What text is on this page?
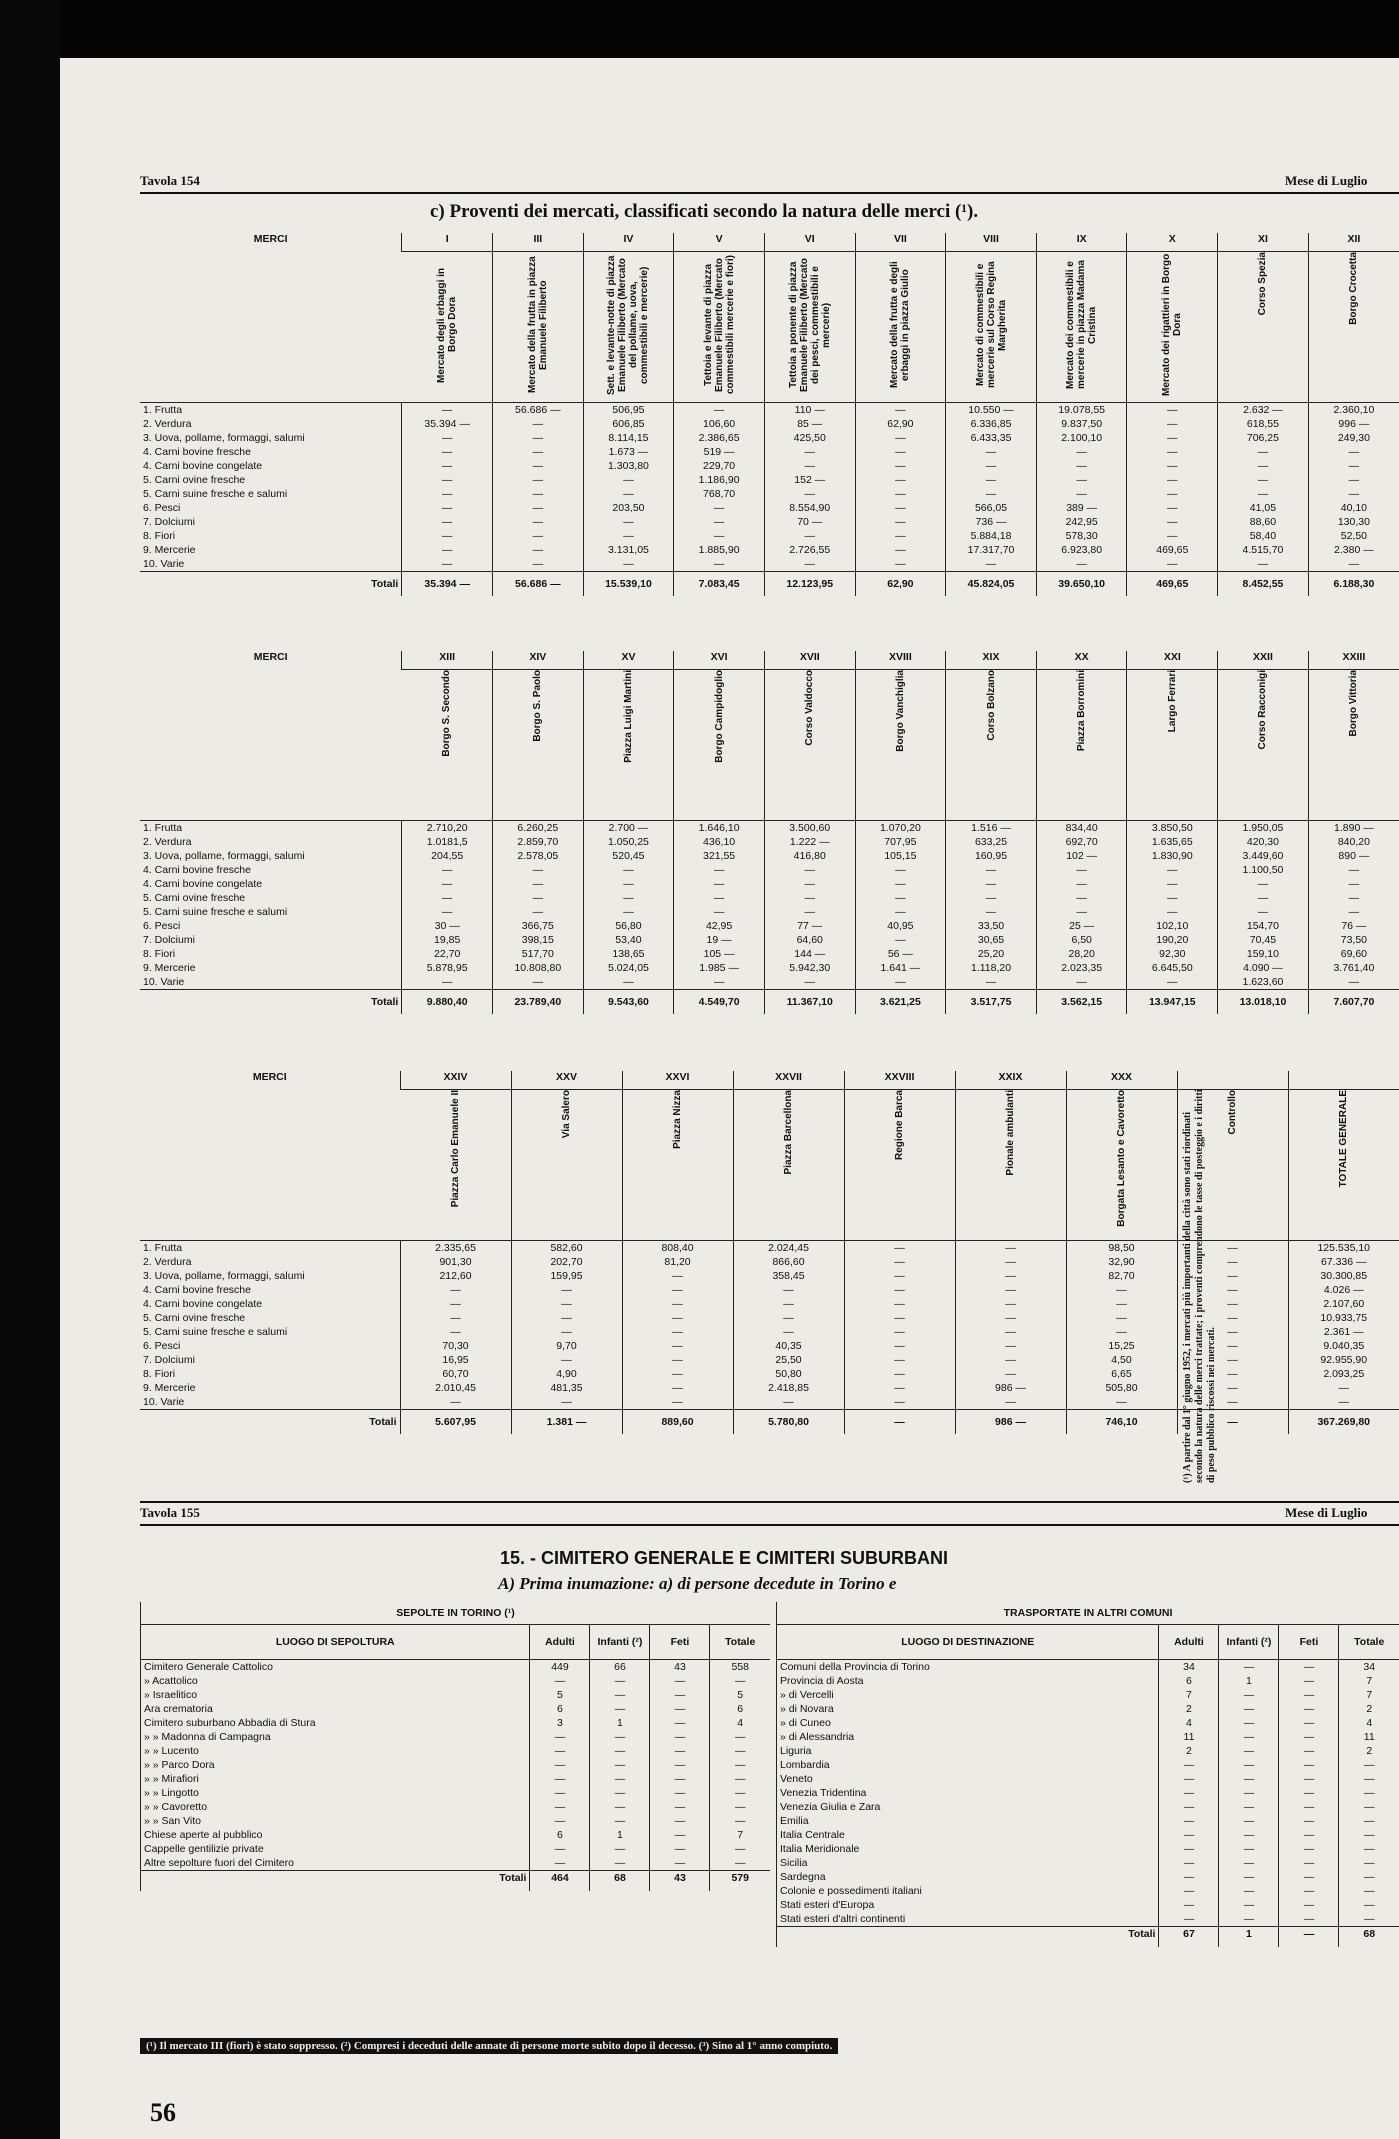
Tavola 154	Mese di Luglio
c) Proventi dei mercati, classificati secondo la natura delle merci (¹).
MERCI	I	III	IV	V	VI	VII	VIII	IX	X	XI	XII

	Mercato degli erbaggi in Borgo Dora	Mercato della frutta in piazza Emanuele Filiberto	Sett. e levante-notte di piazza Emanuele Filiberto (Mercato del pollame, uova, commestibili e mercerie)	Tettoia e levante di piazza Emanuele Filiberto (Mercato commestibili mercerie e fiori)	Tettoia a ponente di piazza Emanuele Filiberto (Mercato dei pesci, commestibili e mercerie)	Mercato della frutta e degli erbaggi in piazza Giulio	Mercato di commestibili e mercerie sul Corso Regina Margherita	Mercato dei commestibili e mercerie in piazza Madama Cristina	Mercato dei rigattieri in Borgo Dora	Corso Spezia	Borgo Crocetta

1. Frutta	—	56.686 —	506,95	—	110 —	—	10.550 —	19.078,55	—	2.632 —	2.360,10
2. Verdura	35.394 —	—	606,85	106,60	85 —	62,90	6.336,85	9.837,50	—	618,55	996 —
3. Uova, pollame, formaggi, salumi	—	—	8.114,15	2.386,65	425,50	—	6.433,35	2.100,10	—	706,25	249,30
4. Carni bovine fresche	—	—	1.673 —	519 —	—	—	—	—	—	—	—
4. Carni bovine congelate	—	—	1.303,80	229,70	—	—	—	—	—	—	—
5. Carni ovine fresche	—	—	—	1.186,90	152 —	—	—	—	—	—	—
5. Carni suine fresche e salumi	—	—	—	768,70	—	—	—	—	—	—	—
6. Pesci	—	—	203,50	—	8.554,90	—	566,05	389 —	—	41,05	40,10
7. Dolciumi	—	—	—	—	70 —	—	736 —	242,95	—	88,60	130,30
8. Fiori	—	—	—	—	—	—	5.884,18	578,30	—	58,40	52,50
9. Mercerie	—	—	3.131,05	1.885,90	2.726,55	—	17.317,70	6.923,80	469,65	4.515,70	2.380 —
10. Varie	—	—	—	—	—	—	—	—	—	—	—
Totali	35.394 —	56.686 —	15.539,10	7.083,45	12.123,95	62,90	45.824,05	39.650,10	469,65	8.452,55	6.188,30
MERCI	XIII	XIV	XV	XVI	XVII	XVIII	XIX	XX	XXI	XXII	XXIII

	Borgo S. Secondo	Borgo S. Paolo	Piazza Luigi Martini	Borgo Campidoglio	Corso Valdocco	Borgo Vanchiglia	Corso Bolzano	Piazza Borromini	Largo Ferrari	Corso Racconigi	Borgo Vittoria

1. Frutta	2.710,20	6.260,25	2.700 —	1.646,10	3.500,60	1.070,20	1.516 —	834,40	3.850,50	1.950,05	1.890 —
2. Verdura	1.0181,5	2.859,70	1.050,25	436,10	1.222 —	707,95	633,25	692,70	1.635,65	420,30	840,20
3. Uova, pollame, formaggi, salumi	204,55	2.578,05	520,45	321,55	416,80	105,15	160,95	102 —	1.830,90	3.449,60	890 —
4. Carni bovine fresche	—	—	—	—	—	—	—	—	—	1.100,50	—
4. Carni bovine congelate	—	—	—	—	—	—	—	—	—	—	—
5. Carni ovine fresche	—	—	—	—	—	—	—	—	—	—	—
5. Carni suine fresche e salumi	—	—	—	—	—	—	—	—	—	—	—
6. Pesci	30 —	366,75	56,80	42,95	77 —	40,95	33,50	25 —	102,10	154,70	76 —
7. Dolciumi	19,85	398,15	53,40	19 —	64,60	—	30,65	6,50	190,20	70,45	73,50
8. Fiori	22,70	517,70	138,65	105 —	144 —	56 —	25,20	28,20	92,30	159,10	69,60
9. Mercerie	5.878,95	10.808,80	5.024,05	1.985 —	5.942,30	1.641 —	1.118,20	2.023,35	6.645,50	4.090 —	3.761,40
10. Varie	—	—	—	—	—	—	—	—	—	1.623,60	—
Totali	9.880,40	23.789,40	9.543,60	4.549,70	11.367,10	3.621,25	3.517,75	3.562,15	13.947,15	13.018,10	7.607,70
MERCI	XXIV	XXV	XXVI	XXVII	XXVIII	XXIX	XXX		

	Piazza Carlo Emanuele II	Via Salero	Piazza Nizza	Piazza Barcellona	Regione Barca	Pionale ambulanti	Borgata Lesanto e Cavoretto	Controllo	TOTALE GENERALE

1. Frutta	2.335,65	582,60	808,40	2.024,45	—	—	98,50	—	125.535,10
2. Verdura	901,30	202,70	81,20	866,60	—	—	32,90	—	67.336 —
3. Uova, pollame, formaggi, salumi	212,60	159,95	—	358,45	—	—	82,70	—	30.300,85
4. Carni bovine fresche	—	—	—	—	—	—	—	—	4.026 —
4. Carni bovine congelate	—	—	—	—	—	—	—	—	2.107,60
5. Carni ovine fresche	—	—	—	—	—	—	—	—	10.933,75
5. Carni suine fresche e salumi	—	—	—	—	—	—	—	—	2.361 —
6. Pesci	70,30	9,70	—	40,35	—	—	15,25	—	9.040,35
7. Dolciumi	16,95	—	—	25,50	—	—	4,50	—	92.955,90
8. Fiori	60,70	4,90	—	50,80	—	—	6,65	—	2.093,25
9. Mercerie	2.010,45	481,35	—	2.418,85	—	986 —	505,80	—	—
10. Varie	—	—	—	—	—	—	—	—	—
Totali	5.607,95	1.381 —	889,60	5.780,80	—	986 —	746,10	—	367.269,80
(¹) A partire dal 1° giugno 1952, i mercati più importanti della città sono stati riordinati secondo la natura delle merci trattate; i proventi comprendono le tasse di posteggio e i diritti di peso pubblico riscossi nei mercati.
Tavola 155	Mese di Luglio
15. - CIMITERO GENERALE E CIMITERI SUBURBANI
A) Prima inumazione: a) di persone decedute in Torino e
SEPOLTE IN TORINO (¹)				
LUOGO DI SEPOLTURA	Adulti	Infanti (²)	Feti	Totale
Cimitero Generale Cattolico	449	66	43	558
» Acattolico	—	—	—	—
» Israelitico	5	—	—	5
Ara crematoria	6	—	—	6
Cimitero suburbano Abbadia di Stura	3	1	—	4
» » Madonna di Campagna	—	—	—	—
» » Lucento	—	—	—	—
» » Parco Dora	—	—	—	—
» » Mirafiori	—	—	—	—
» » Lingotto	—	—	—	—
» » Cavoretto	—	—	—	—
» » San Vito	—	—	—	—
Chiese aperte al pubblico	6	1	—	7
Cappelle gentilizie private	—	—	—	—
Altre sepolture fuori del Cimitero	—	—	—	—
Totali	464	68	43	579
TRASPORTATE IN ALTRI COMUNI				
LUOGO DI DESTINAZIONE	Adulti	Infanti (²)	Feti	Totale
Comuni della Provincia di Torino	34	—	—	34
Provincia di Aosta	6	1	—	7
» di Vercelli	7	—	—	7
» di Novara	2	—	—	2
» di Cuneo	4	—	—	4
» di Alessandria	11	—	—	11
Liguria	2	—	—	2
Lombardia	—	—	—	—
Veneto	—	—	—	—
Venezia Tridentina	—	—	—	—
Venezia Giulia e Zara	—	—	—	—
Emilia	—	—	—	—
Italia Centrale	—	—	—	—
Italia Meridionale	—	—	—	—
Sicilia	—	—	—	—
Sardegna	—	—	—	—
Colonie e possedimenti italiani	—	—	—	—
Stati esteri d'Europa	—	—	—	—
Stati esteri d'altri continenti	—	—	—	—
Totali	67	1	—	68
(¹) Il mercato III (fiori) è stato soppresso. (²) Compresi i deceduti delle annate di persone morte subito dopo il decesso. (³) Sino al 1° anno compiuto.
56
